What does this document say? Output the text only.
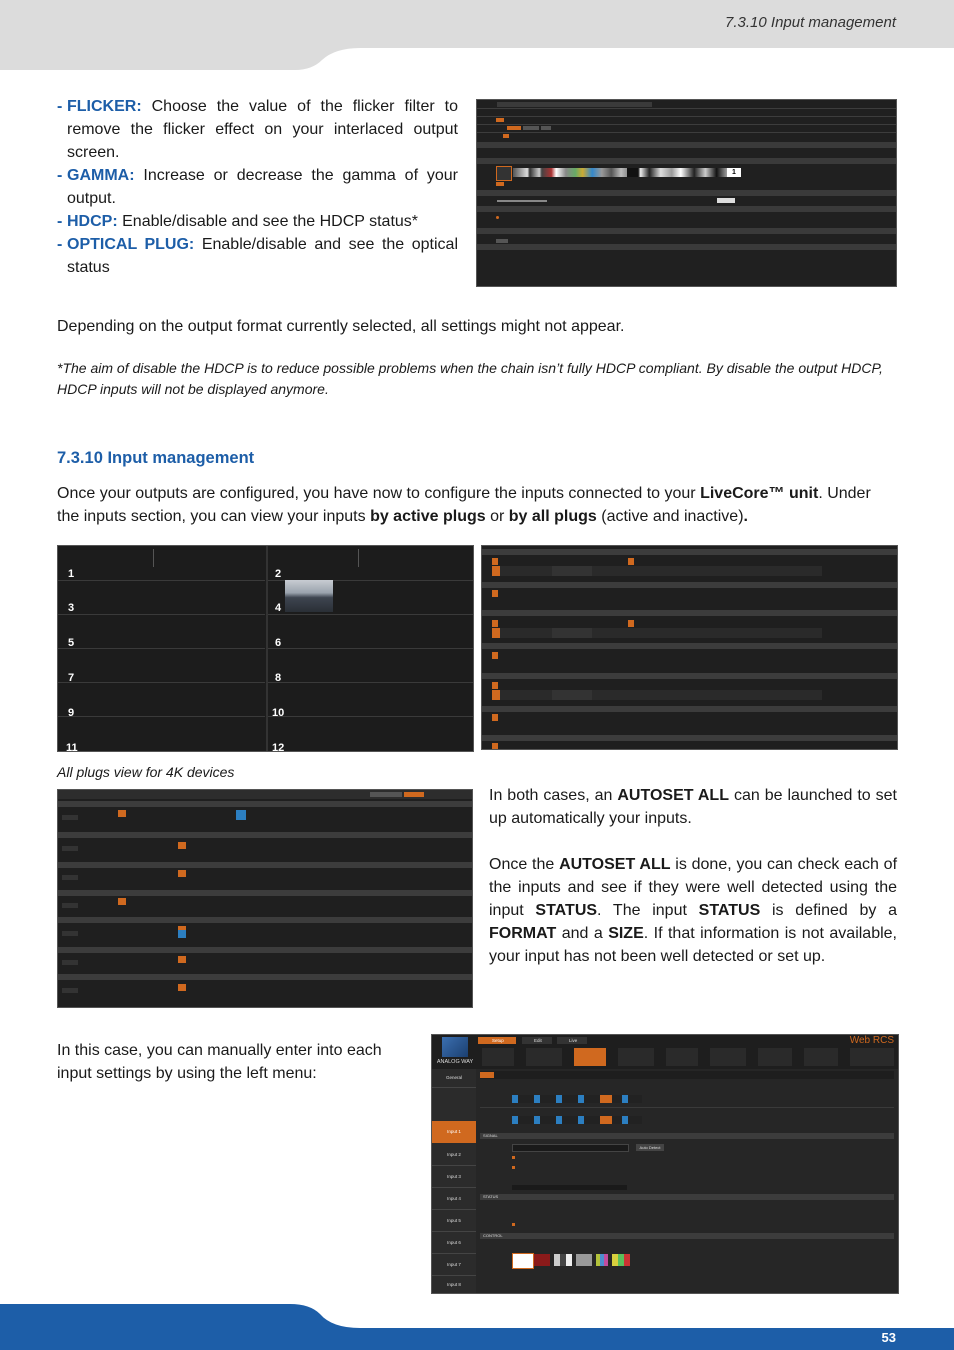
7.3.10 Input management
- FLICKER: Choose the value of the flicker filter to remove the flicker effect on your interlaced output screen.
- GAMMA: Increase or decrease the gamma of your output.
- HDCP: Enable/disable and see the HDCP status*
- OPTICAL PLUG: Enable/disable and see the optical status
1
Depending on the output format currently selected, all settings might not appear.
*The aim of disable the HDCP is to reduce possible problems when the chain isn’t fully HDCP compliant. By disable the output HDCP, HDCP inputs will not be displayed anymore.
7.3.10 Input management
Once your outputs are configured, you have now to configure the inputs connected to your LiveCore™ unit. Under the inputs section, you can view your inputs by active plugs or by all plugs (active and inactive).
1	2
3	4
5	6
7	8
9	10
11	12
All plugs view for 4K devices
In both cases, an AUTOSET ALL can be launched to set up automatically your inputs.
Once the AUTOSET ALL is done, you can check each of the inputs and see if they were well detected using the input STATUS. The input STATUS is defined by a FORMAT and a SIZE. If that information is not available, your input has not been well detected or set up.
In this case, you can manually enter into each input settings by using the left menu:
ANALOG WAY
Setup	Edit	Live	Web RCS
General
Input 1
Input 2
Input 3
Input 4
Input 5
Input 6
Input 7
Input 8
SIGNAL
Auto Detect
STATUS
CONTROL
53
